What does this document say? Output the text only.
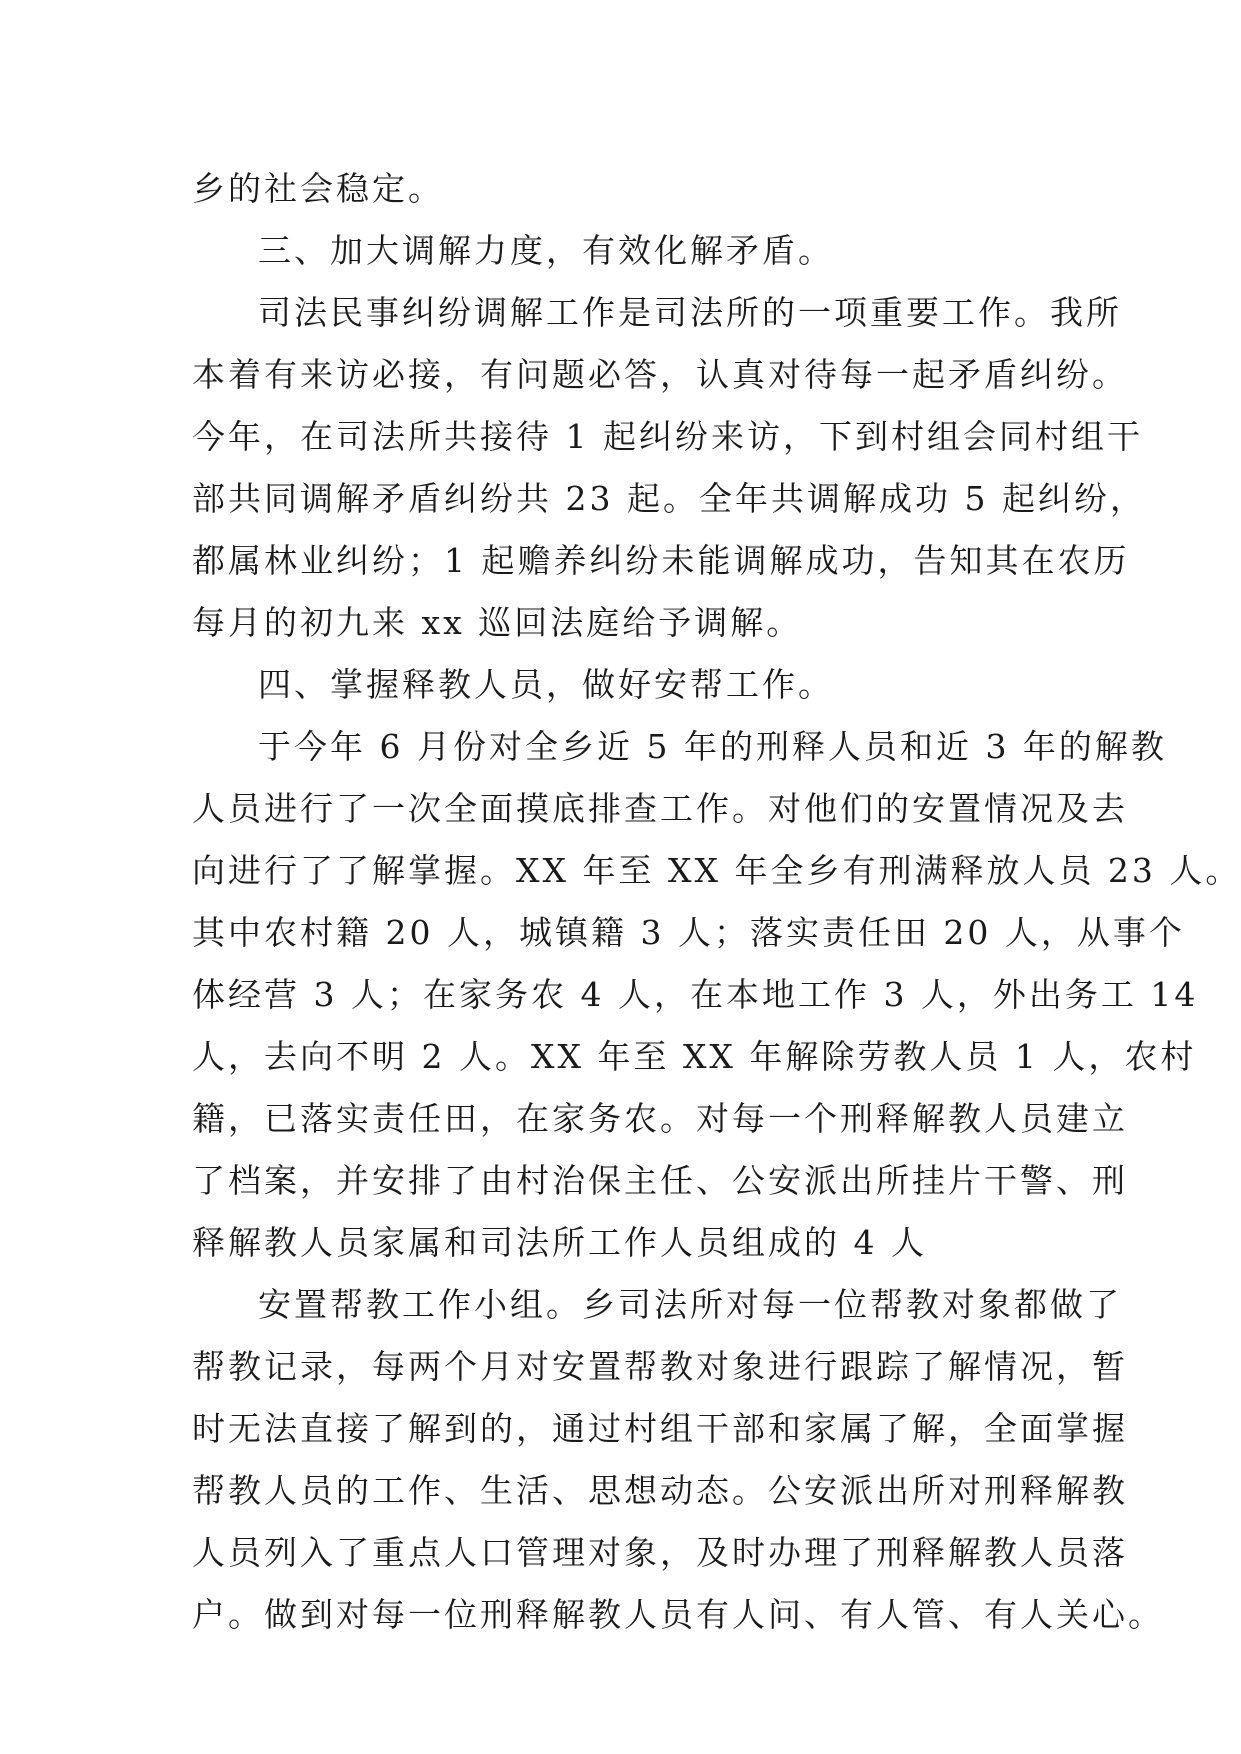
乡的社会稳定。
三、加大调解力度，有效化解矛盾。
司法民事纠纷调解工作是司法所的一项重要工作。我所
本着有来访必接，有问题必答，认真对待每一起矛盾纠纷。
今年，在司法所共接待 1 起纠纷来访，下到村组会同村组干
部共同调解矛盾纠纷共 23 起。全年共调解成功 5 起纠纷，
都属林业纠纷；1 起赡养纠纷未能调解成功，告知其在农历
每月的初九来 xx 巡回法庭给予调解。
四、掌握释教人员，做好安帮工作。
于今年 6 月份对全乡近 5 年的刑释人员和近 3 年的解教
人员进行了一次全面摸底排查工作。对他们的安置情况及去
向进行了了解掌握。XX 年至 XX 年全乡有刑满释放人员 23 人。
其中农村籍 20 人，城镇籍 3 人；落实责任田 20 人，从事个
体经营 3 人；在家务农 4 人，在本地工作 3 人，外出务工 14
人，去向不明 2 人。XX 年至 XX 年解除劳教人员 1 人，农村
籍，已落实责任田，在家务农。对每一个刑释解教人员建立
了档案，并安排了由村治保主任、公安派出所挂片干警、刑
释解教人员家属和司法所工作人员组成的 4 人
安置帮教工作小组。乡司法所对每一位帮教对象都做了
帮教记录，每两个月对安置帮教对象进行跟踪了解情况，暂
时无法直接了解到的，通过村组干部和家属了解，全面掌握
帮教人员的工作、生活、思想动态。公安派出所对刑释解教
人员列入了重点人口管理对象，及时办理了刑释解教人员落
户。做到对每一位刑释解教人员有人问、有人管、有人关心。
